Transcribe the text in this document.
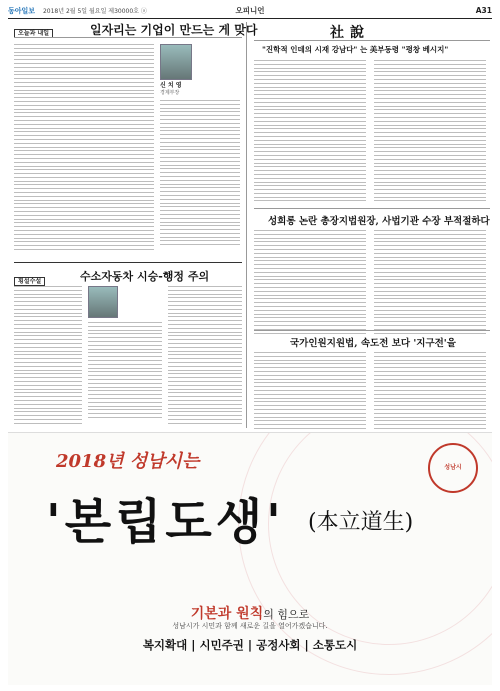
동아일보 2018년 2월 5일 월요일 제30000호 ⓐ	오피니언	A31
오늘과 내일	일자리는 기업이 만드는 게 맞다
신 치 영
경제부장
횡설수설	수소자동차 시승-행정 주의
社說
"진학적 인데의 시재 강남다" 는 美부동령 "평창 베시지"
성희롱 논란 총장지법원장, 사법기관 수장 부적절하다
국가인원지원법, 속도전 보다 '지구전'을
2018년 성남시는
'본립도생' (本立道生)
성남시
기본과 원칙의 힘으로
성남시가 시민과 함께 새로운 길을 열어가겠습니다.
복지확대 | 시민주권 | 공정사회 | 소통도시
